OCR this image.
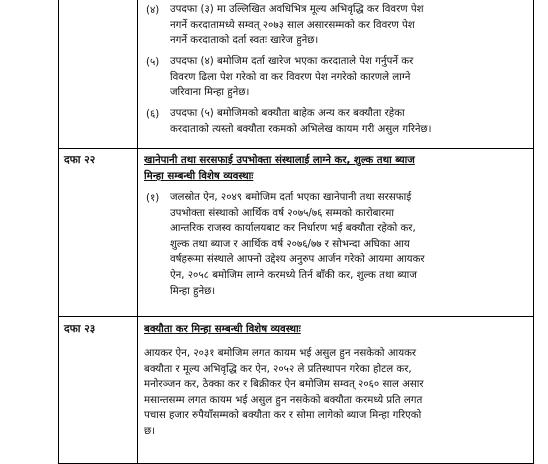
(४) उपदफा (३) मा उल्लिखित अवधिभित्र मूल्य अभिवृद्धि कर विवरण पेश
नगर्ने करदातामध्ये सम्वत् २०७३ साल असारसम्मको कर विवरण पेश
नगर्ने करदाताको दर्ता स्वतः खारेज हुनेछ।
(५) उपदफा (४) बमोजिम दर्ता खारेज भएका करदाताले पेश गर्नुपर्ने कर
विवरण ढिला पेश गरेको वा कर विवरण पेश नगरेको कारणले लाग्ने
जरिवाना मिन्हा हुनेछ।
(६) उपदफा (५) बमोजिमको बक्यौता बाहेक अन्य कर बक्यौता रहेका
करदाताको त्यस्तो बक्यौता रकमको अभिलेख कायम गरी असुल गरिनेछ।
दफा २२	खानेपानी तथा सरसफाई उपभोक्ता संस्थालाई लाग्ने कर, शुल्क तथा ब्याज
मिन्हा सम्बन्धी विशेष व्यवस्थाः
(१) जलस्रोत ऐन, २०४९ बमोजिम दर्ता भएका खानेपानी तथा सरसफाई
उपभोक्ता संस्थाको आर्थिक वर्ष २०७५/७६ सम्मको कारोबारमा
आन्तरिक राजस्व कार्यालयबाट कर निर्धारण भई बक्यौता रहेको कर,
शुल्क तथा ब्याज र आर्थिक वर्ष २०७६/७७ र सोभन्दा अघिका आय
वर्षहरूमा संस्थाले आफ्नो उद्देश्य अनुरुप आर्जन गरेको आयमा आयकर
ऐन, २०५८ बमोजिम लाग्ने करमध्ये तिर्न बाँकी कर, शुल्क तथा ब्याज
मिन्हा हुनेछ।
दफा २३	बक्यौता कर मिन्हा सम्बन्धी विशेष व्यवस्थाः
आयकर ऐन, २०३१ बमोजिम लगत कायम भई असुल हुन नसकेको आयकर
बक्यौता र मूल्य अभिवृद्धि कर ऐन, २०५२ ले प्रतिस्थापन गरेका होटल कर,
मनोरञ्जन कर, ठेक्का कर र बिक्रीकर ऐन बमोजिम सम्वत् २०६० साल असार
मसान्तसम्म लगत कायम भई असुल हुन नसकेको बक्यौता करमध्ये प्रति लगत
पचास हजार रुपैयाँसम्मको बक्यौता कर र सोमा लागेको ब्याज मिन्हा गरिएको
छ।
